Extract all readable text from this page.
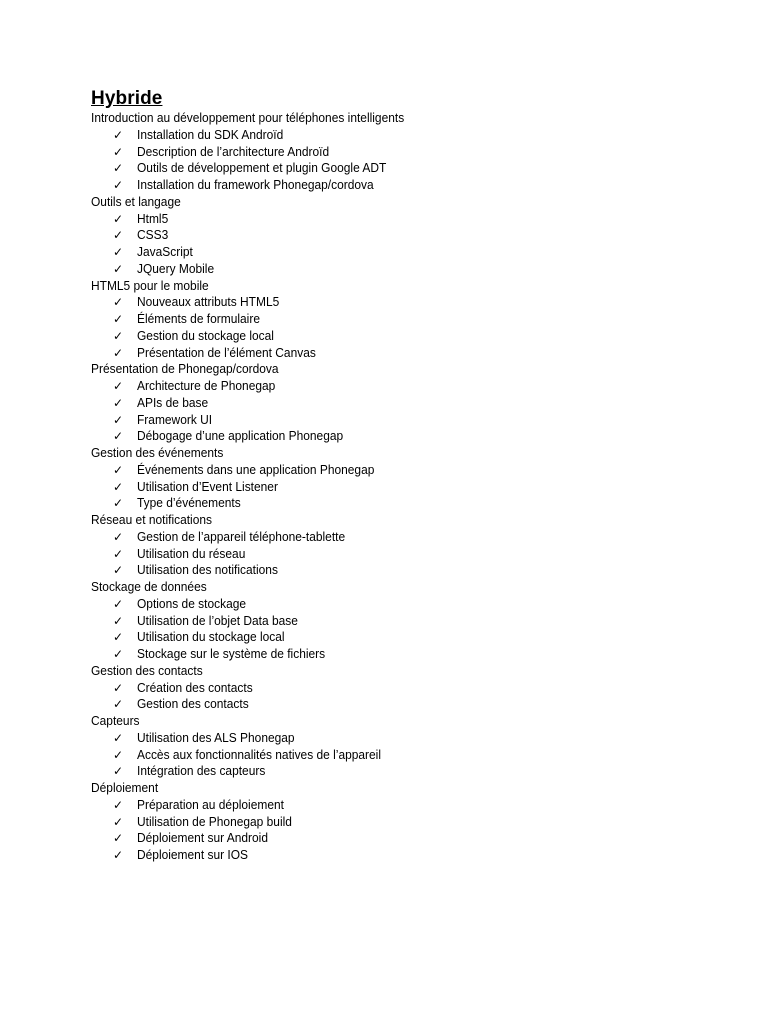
Hybride
Introduction au développement pour téléphones intelligents
✓ Installation du SDK Androïd
✓ Description de l’architecture Androïd
✓ Outils de développement et plugin Google ADT
✓ Installation du framework Phonegap/cordova
Outils et langage
✓ Html5
✓ CSS3
✓ JavaScript
✓ JQuery Mobile
HTML5 pour le mobile
✓ Nouveaux attributs HTML5
✓ Éléments de formulaire
✓ Gestion du stockage local
✓ Présentation de l’élément Canvas
Présentation de Phonegap/cordova
✓ Architecture de Phonegap
✓ APIs de base
✓ Framework UI
✓ Débogage d’une application Phonegap
Gestion des événements
✓ Événements dans une application Phonegap
✓ Utilisation d’Event Listener
✓ Type d’événements
Réseau et notifications
✓ Gestion de l’appareil téléphone-tablette
✓ Utilisation du réseau
✓ Utilisation des notifications
Stockage de données
✓ Options de stockage
✓ Utilisation de l’objet Data base
✓ Utilisation du stockage local
✓ Stockage sur le système de fichiers
Gestion des contacts
✓ Création des contacts
✓ Gestion des contacts
Capteurs
✓ Utilisation des ALS Phonegap
✓ Accès aux fonctionnalités natives de l’appareil
✓ Intégration des capteurs
Déploiement
✓ Préparation au déploiement
✓ Utilisation de Phonegap build
✓ Déploiement sur Android
✓ Déploiement sur IOS
